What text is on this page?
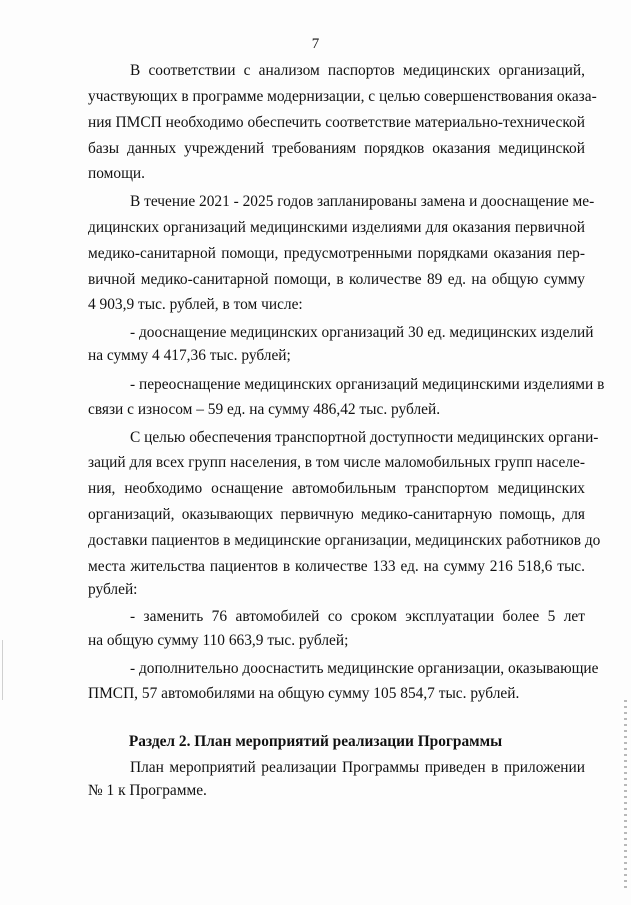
7
В соответствии с анализом паспортов медицинских организаций,
участвующих в программе модернизации, с целью совершенствования оказа-
ния ПМСП необходимо обеспечить соответствие материально-технической
базы данных учреждений требованиям порядков оказания медицинской
помощи.
В течение 2021 - 2025 годов запланированы замена и дооснащение ме-
дицинских организаций медицинскими изделиями для оказания первичной
медико-санитарной помощи, предусмотренными порядками оказания пер-
вичной медико-санитарной помощи, в количестве 89 ед. на общую сумму
4 903,9 тыс. рублей, в том числе:
- дооснащение медицинских организаций 30 ед. медицинских изделий
на сумму 4 417,36 тыс. рублей;
- переоснащение медицинских организаций медицинскими изделиями в
связи с износом – 59 ед. на сумму 486,42 тыс. рублей.
С целью обеспечения транспортной доступности медицинских органи-
заций для всех групп населения, в том числе маломобильных групп населе-
ния, необходимо оснащение автомобильным транспортом медицинских
организаций, оказывающих первичную медико-санитарную помощь, для
доставки пациентов в медицинские организации, медицинских работников до
места жительства пациентов в количестве 133 ед. на сумму 216 518,6 тыс.
рублей:
- заменить 76 автомобилей со сроком эксплуатации более 5 лет
на общую сумму 110 663,9 тыс. рублей;
- дополнительно дооснастить медицинские организации, оказывающие
ПМСП, 57 автомобилями на общую сумму 105 854,7 тыс. рублей.
Раздел 2. План мероприятий реализации Программы
План мероприятий реализации Программы приведен в приложении
№ 1 к Программе.
